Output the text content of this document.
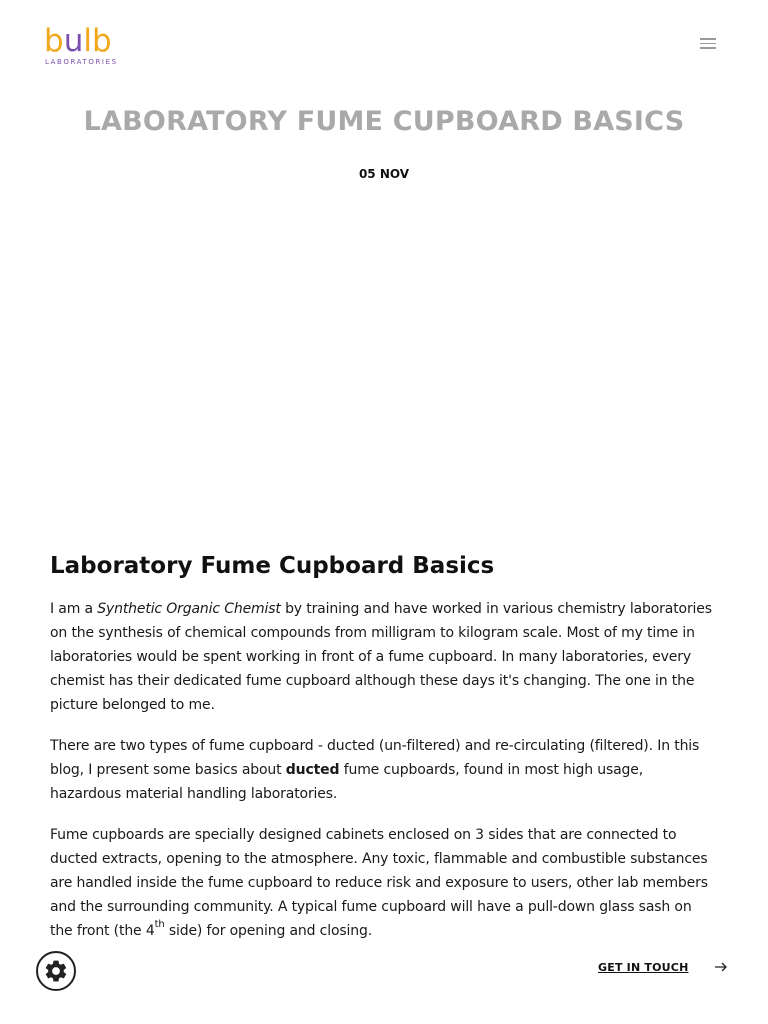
bulb
LABORATORIES
LABORATORY FUME CUPBOARD BASICS
05 NOV
Laboratory Fume Cupboard Basics

I am a Synthetic Organic Chemist by training and have worked in various chemistry laboratories on the synthesis of chemical compounds from milligram to kilogram scale. Most of my time in laboratories would be spent working in front of a fume cupboard. In many laboratories, every chemist has their dedicated fume cupboard although these days it's changing. The one in the picture belonged to me.

There are two types of fume cupboard - ducted (un-filtered) and re-circulating (filtered). In this blog, I present some basics about ducted fume cupboards, found in most high usage, hazardous material handling laboratories.

Fume cupboards are specially designed cabinets enclosed on 3 sides that are connected to ducted extracts, opening to the atmosphere. Any toxic, flammable and combustible substances are handled inside the fume cupboard to reduce risk and exposure to users, other lab members and the surrounding community. A typical fume cupboard will have a pull-down glass sash on the front (the 4th side) for opening and closing.

GET IN TOUCH
